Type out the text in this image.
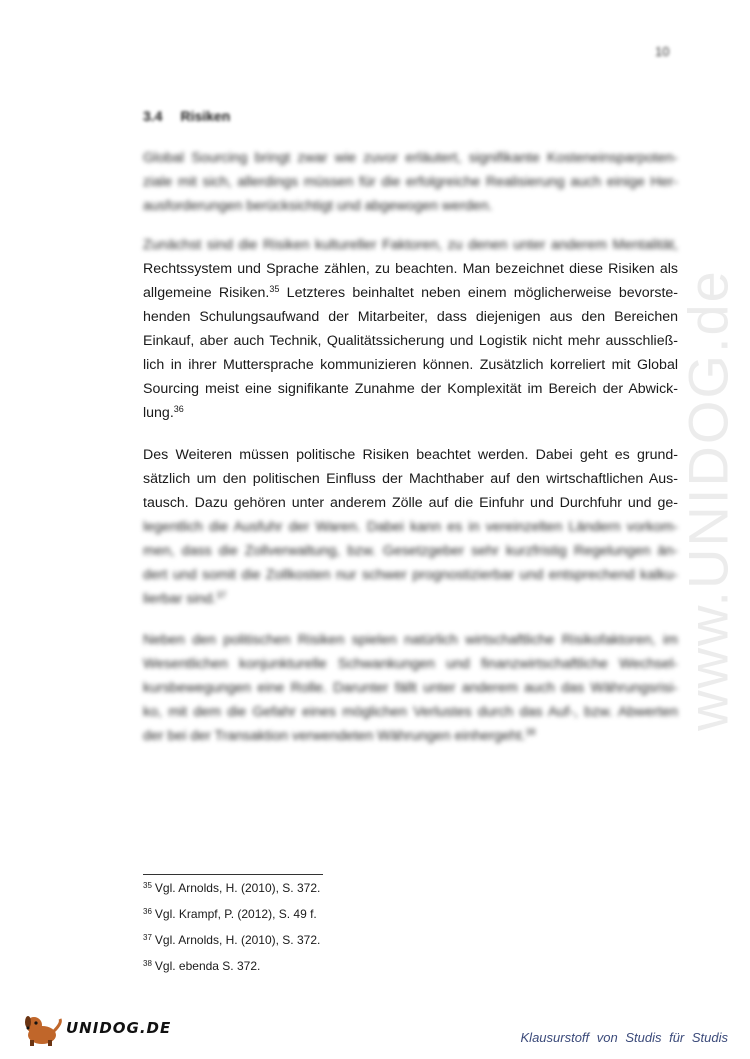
10
3.4 Risiken
www.UNIDOG.de

Global Sourcing bringt zwar wie zuvor erläutert, signifikante Kosteneinsparpoten-
ziale mit sich, allerdings müssen für die erfolgreiche Realisierung auch einige Her-
ausforderungen berücksichtigt und abgewogen werden.

Zunächst sind die Risiken kultureller Faktoren, zu denen unter anderem Mentalität,
Rechtssystem und Sprache zählen, zu beachten. Man bezeichnet diese Risiken als
allgemeine Risiken.$^{35}$ Letzteres beinhaltet neben einem möglicherweise bevorste-
henden Schulungsaufwand der Mitarbeiter, dass diejenigen aus den Bereichen
Einkauf, aber auch Technik, Qualitätssicherung und Logistik nicht mehr ausschließ-
lich in ihrer Muttersprache kommunizieren können. Zusätzlich korreliert mit Global
Sourcing meist eine signifikante Zunahme der Komplexität im Bereich der Abwick-
lung.$^{36}$

Des Weiteren müssen politische Risiken beachtet werden. Dabei geht es grund-
sätzlich um den politischen Einfluss der Machthaber auf den wirtschaftlichen Aus-
tausch. Dazu gehören unter anderem Zölle auf die Einfuhr und Durchfuhr und ge-
legentlich die Ausfuhr der Waren. Dabei kann es in vereinzelten Ländern vorkom-
men, dass die Zollverwaltung, bzw. Gesetzgeber sehr kurzfristig Regelungen än-
dert und somit die Zollkosten nur schwer prognostizierbar und entsprechend kalku-
lierbar sind.$^{37}$

Neben den politischen Risiken spielen natürlich wirtschaftliche Risikofaktoren, im
Wesentlichen konjunkturelle Schwankungen und finanzwirtschaftliche Wechsel-
kursbewegungen eine Rolle. Darunter fällt unter anderem auch das Währungsrisi-
ko, mit dem die Gefahr eines möglichen Verlustes durch das Auf-, bzw. Abwerten
der bei der Transaktion verwendeten Währungen einhergeht.$^{38}$

$^{35}$ Vgl. Arnolds, H. (2010), S. 372.
$^{36}$ Vgl. Krampf, P. (2012), S. 49 f.
$^{37}$ Vgl. Arnolds, H. (2010), S. 372.
$^{38}$ Vgl. ebenda S. 372.
UNIDOG.DE
Klausurstoff von Studis für Studis
